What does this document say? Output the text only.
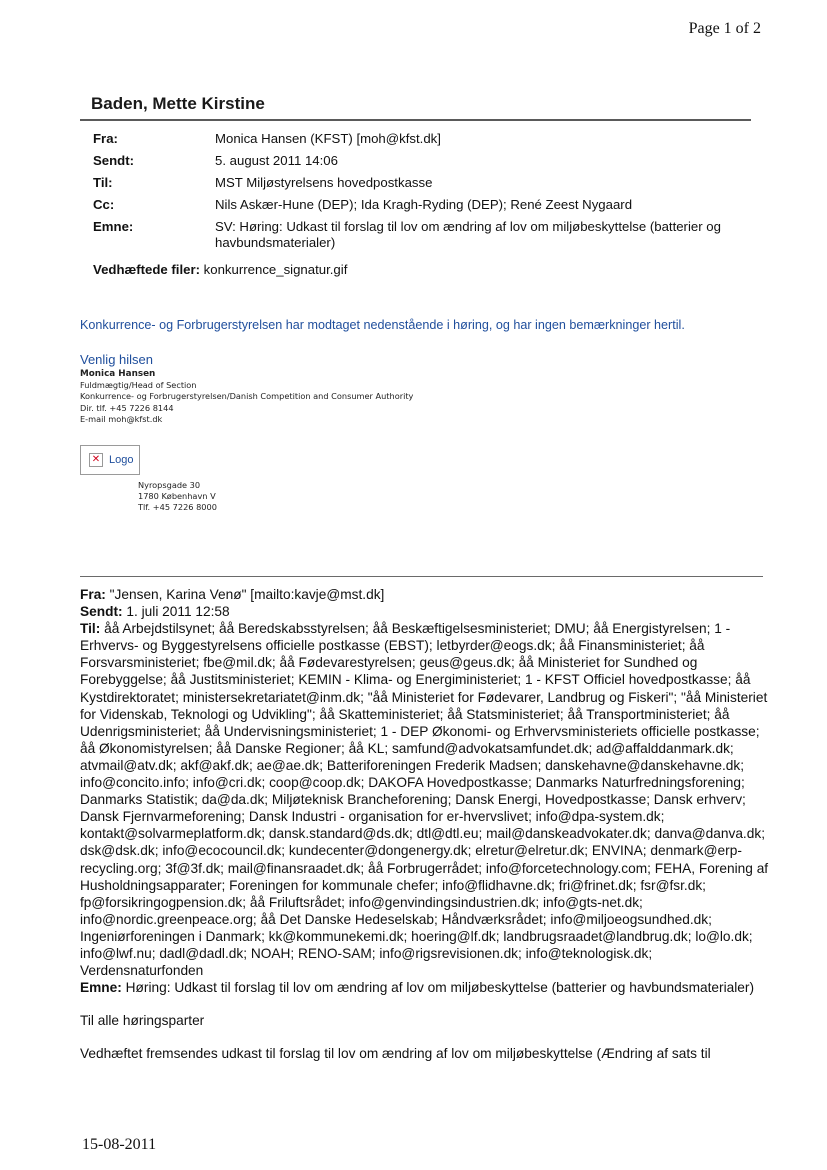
Page 1 of 2
Baden, Mette Kirstine
Fra:	Monica Hansen (KFST) [moh@kfst.dk]
Sendt:	5. august 2011 14:06
Til:	MST Miljøstyrelsens hovedpostkasse
Cc:	Nils Askær-Hune (DEP); Ida Kragh-Ryding (DEP); René Zeest Nygaard
Emne:	SV: Høring: Udkast til forslag til lov om ændring af lov om miljøbeskyttelse (batterier og havbundsmaterialer)
Vedhæftede filer: konkurrence_signatur.gif
Konkurrence- og Forbrugerstyrelsen har modtaget nedenstående i høring, og har ingen bemærkninger hertil.
Venlig hilsen
Monica Hansen
Fuldmægtig/Head of Section
Konkurrence- og Forbrugerstyrelsen/Danish Competition and Consumer Authority
Dir. tlf. +45 7226 8144
E-mail moh@kfst.dk
✕ Logo
Nyropsgade 30
1780 København V
Tlf. +45 7226 8000

Fra: "Jensen, Karina Venø" [mailto:kavje@mst.dk]

Sendt: 1. juli 2011 12:58

Til: åå Arbejdstilsynet; åå Beredskabsstyrelsen; åå Beskæftigelsesministeriet; DMU; åå Energistyrelsen; 1 - Erhvervs- og Byggestyrelsens officielle postkasse (EBST); letbyrder@eogs.dk; åå Finansministeriet; åå Forsvarsministeriet; fbe@mil.dk; åå Fødevarestyrelsen; geus@geus.dk; åå Ministeriet for Sundhed og Forebyggelse; åå Justitsministeriet; KEMIN - Klima- og Energiministeriet; 1 - KFST Officiel hovedpostkasse; åå Kystdirektoratet; ministersekretariatet@inm.dk; "åå Ministeriet for Fødevarer, Landbrug og Fiskeri"; "åå Ministeriet for Videnskab, Teknologi og Udvikling"; åå Skatteministeriet; åå Statsministeriet; åå Transportministeriet; åå Udenrigsministeriet; åå Undervisningsministeriet; 1 - DEP Økonomi- og Erhvervsministeriets officielle postkasse; åå Økonomistyrelsen; åå Danske Regioner; åå KL; samfund@advokatsamfundet.dk; ad@affalddanmark.dk; atvmail@atv.dk; akf@akf.dk; ae@ae.dk; Batteriforeningen Frederik Madsen; danskehavne@danskehavne.dk; info@concito.info; info@cri.dk; coop@coop.dk; DAKOFA Hovedpostkasse; Danmarks Naturfredningsforening; Danmarks Statistik; da@da.dk; Miljøteknisk Brancheforening; Dansk Energi, Hovedpostkasse; Dansk erhverv; Dansk Fjernvarmeforening; Dansk Industri - organisation for er-hvervslivet; info@dpa-system.dk; kontakt@solvarmeplatform.dk; dansk.standard@ds.dk; dtl@dtl.eu; mail@danskeadvokater.dk; danva@danva.dk; dsk@dsk.dk; info@ecocouncil.dk; kundecenter@dongenergy.dk; elretur@elretur.dk; ENVINA; denmark@erp-recycling.org; 3f@3f.dk; mail@finansraadet.dk; åå Forbrugerrådet; info@forcetechnology.com; FEHA, Forening af Husholdningsapparater; Foreningen for kommunale chefer; info@flidhavne.dk; fri@frinet.dk; fsr@fsr.dk; fp@forsikringogpension.dk; åå Friluftsrådet; info@genvindingsindustrien.dk; info@gts-net.dk; info@nordic.greenpeace.org; åå Det Danske Hedeselskab; Håndværksrådet; info@miljoeogsundhed.dk; Ingeniørforeningen i Danmark; kk@kommunekemi.dk; hoering@lf.dk; landbrugsraadet@landbrug.dk; lo@lo.dk; info@lwf.nu; dadl@dadl.dk; NOAH; RENO-SAM; info@rigsrevisionen.dk; info@teknologisk.dk; Verdensnaturfonden

Emne: Høring: Udkast til forslag til lov om ændring af lov om miljøbeskyttelse (batterier og havbundsmaterialer)

Til alle høringsparter

Vedhæftet fremsendes udkast til forslag til lov om ændring af lov om miljøbeskyttelse (Ændring af sats til

15-08-2011
